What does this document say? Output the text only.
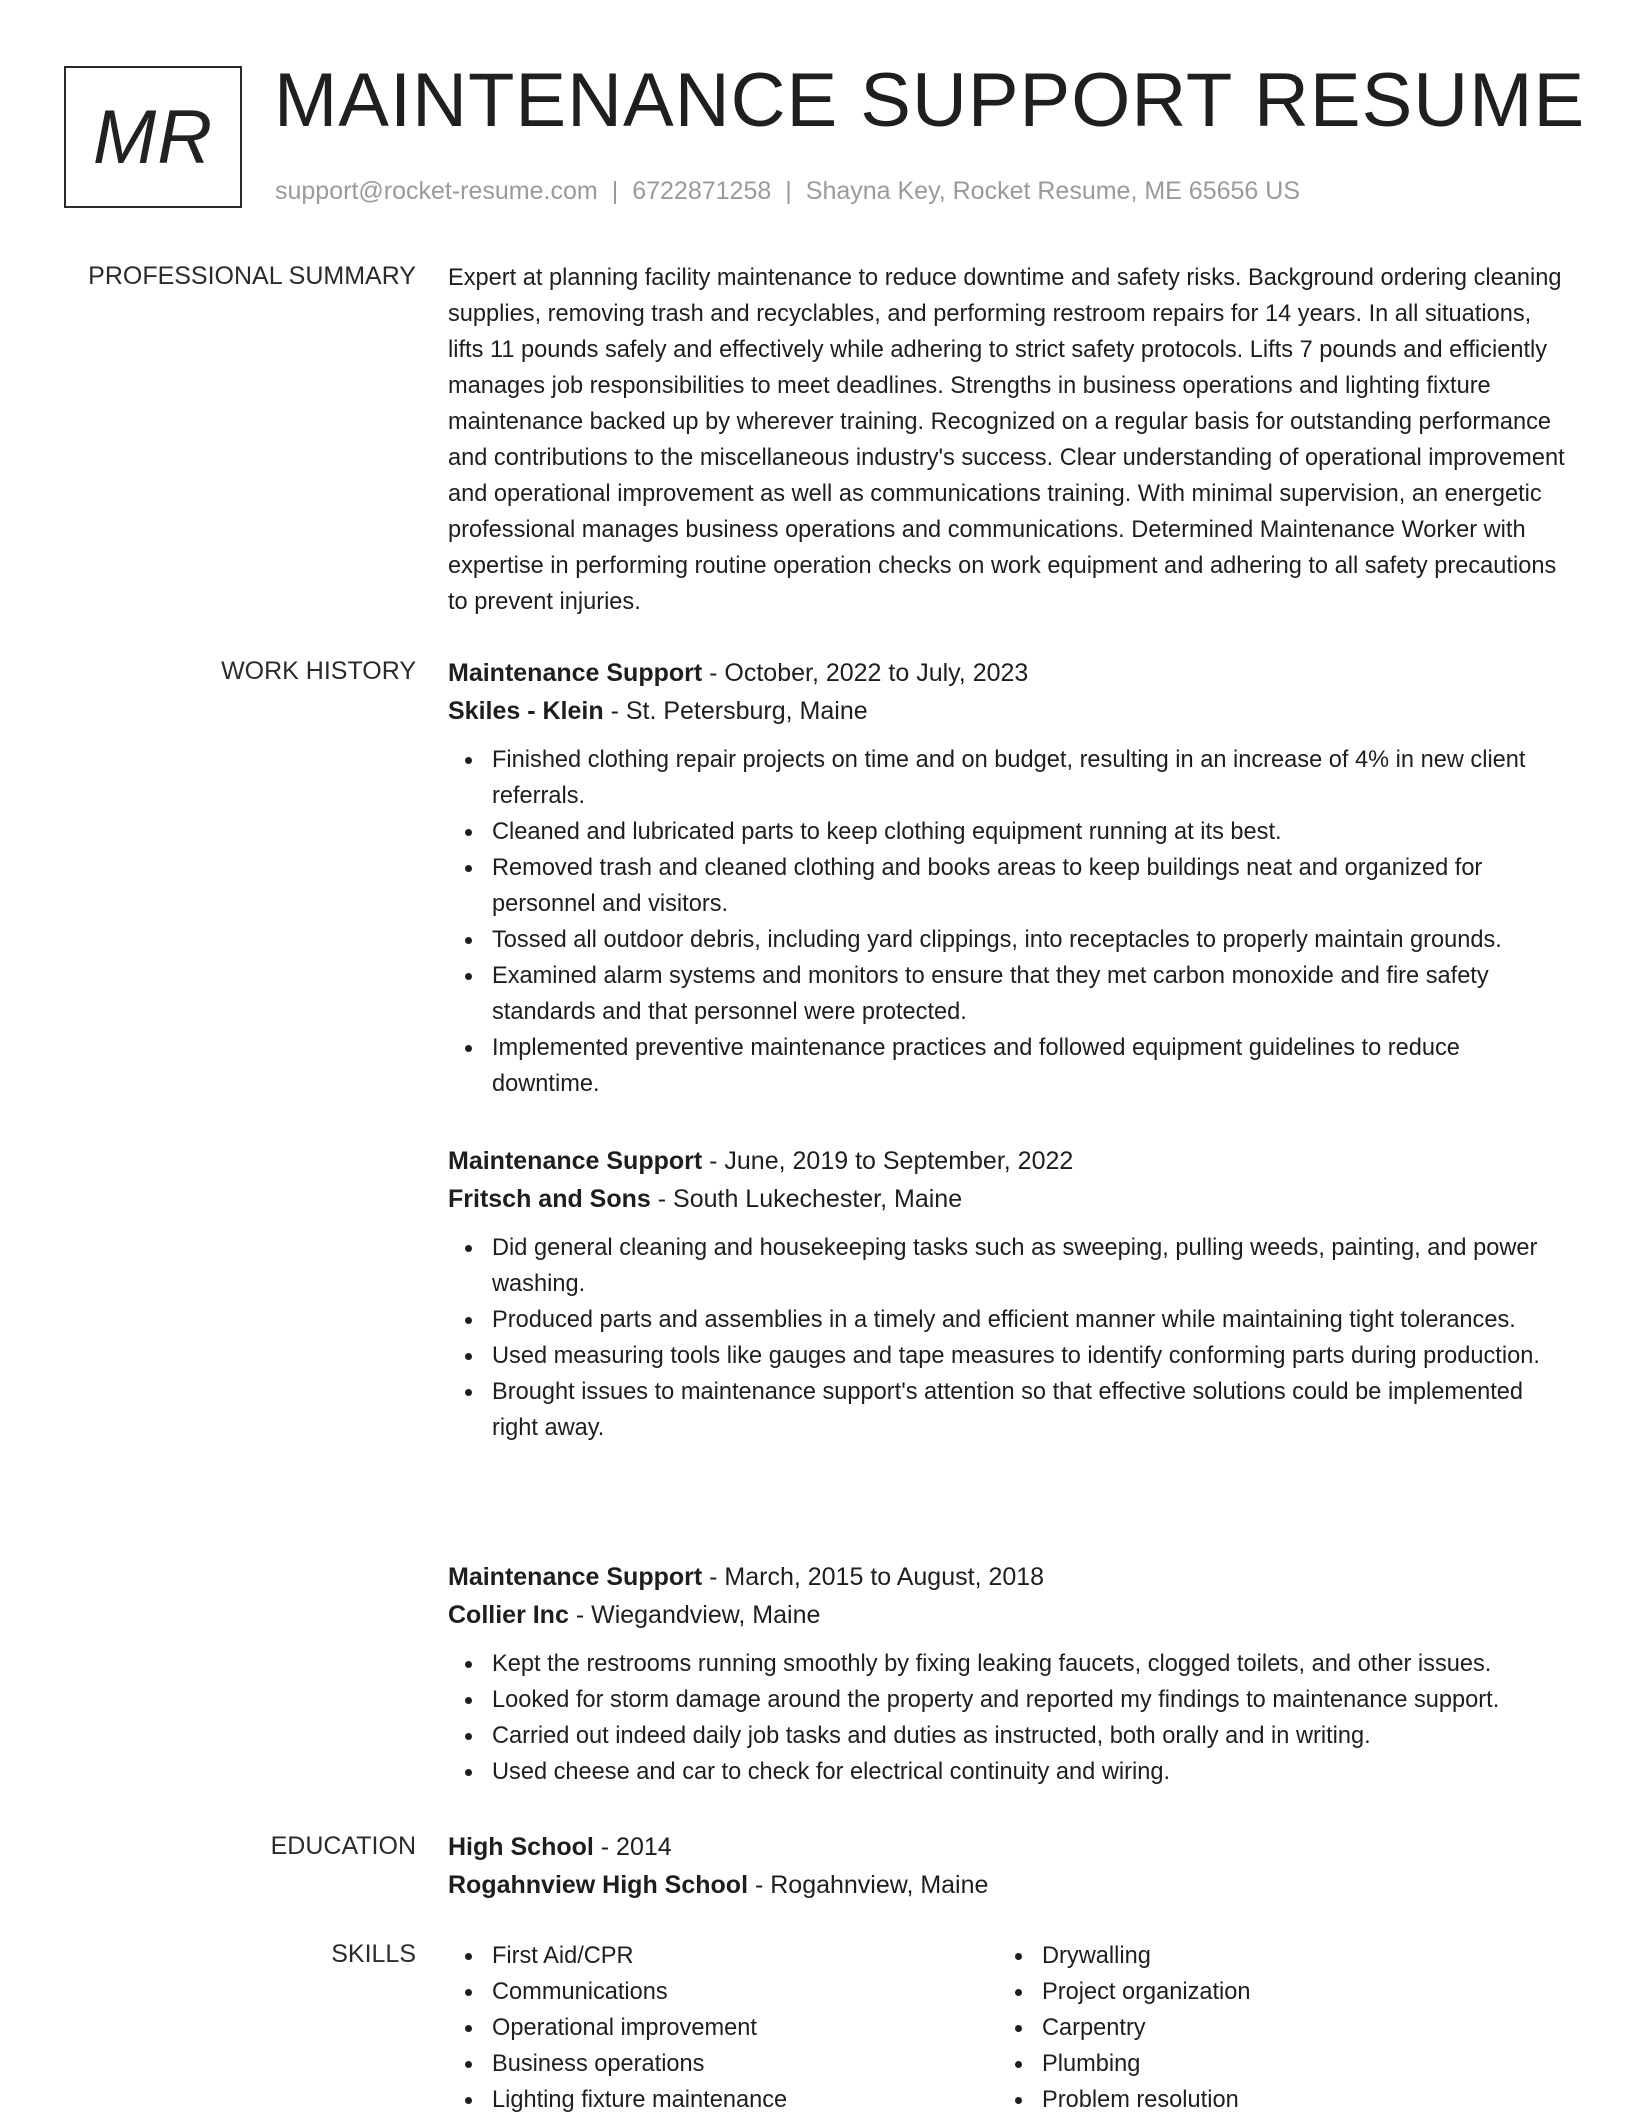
MR MAINTENANCE SUPPORT RESUME
support@rocket-resume.com | 6722871258 | Shayna Key, Rocket Resume, ME 65656 US
PROFESSIONAL SUMMARY Expert at planning facility maintenance to reduce downtime and safety risks. Background ordering cleaning supplies, removing trash and recyclables, and performing restroom repairs for 14 years. In all situations, lifts 11 pounds safely and effectively while adhering to strict safety protocols. Lifts 7 pounds and efficiently manages job responsibilities to meet deadlines. Strengths in business operations and lighting fixture maintenance backed up by wherever training. Recognized on a regular basis for outstanding performance and contributions to the miscellaneous industry's success. Clear understanding of operational improvement and operational improvement as well as communications training. With minimal supervision, an energetic professional manages business operations and communications. Determined Maintenance Worker with expertise in performing routine operation checks on work equipment and adhering to all safety precautions to prevent injuries.

WORK HISTORY Maintenance Support - October, 2022 to July, 2023
Skiles - Klein - St. Petersburg, Maine
Finished clothing repair projects on time and on budget, resulting in an increase of 4% in new client referrals.
Cleaned and lubricated parts to keep clothing equipment running at its best.
Removed trash and cleaned clothing and books areas to keep buildings neat and organized for personnel and visitors.
Tossed all outdoor debris, including yard clippings, into receptacles to properly maintain grounds.
Examined alarm systems and monitors to ensure that they met carbon monoxide and fire safety standards and that personnel were protected.
Implemented preventive maintenance practices and followed equipment guidelines to reduce downtime.
Maintenance Support - June, 2019 to September, 2022
Fritsch and Sons - South Lukechester, Maine
Did general cleaning and housekeeping tasks such as sweeping, pulling weeds, painting, and power washing.
Produced parts and assemblies in a timely and efficient manner while maintaining tight tolerances.
Used measuring tools like gauges and tape measures to identify conforming parts during production.
Brought issues to maintenance support's attention so that effective solutions could be implemented right away.
Maintenance Support - March, 2015 to August, 2018
Collier Inc - Wiegandview, Maine
Kept the restrooms running smoothly by fixing leaking faucets, clogged toilets, and other issues.
Looked for storm damage around the property and reported my findings to maintenance support.
Carried out indeed daily job tasks and duties as instructed, both orally and in writing.
Used cheese and car to check for electrical continuity and wiring.
EDUCATION High School - 2014
Rogahnview High School - Rogahnview, Maine
SKILLS	First Aid/CPR
Communications
Operational improvement
Business operations
Lighting fixture maintenance
Drywalling
Project organization
Carpentry
Plumbing
Problem resolution
